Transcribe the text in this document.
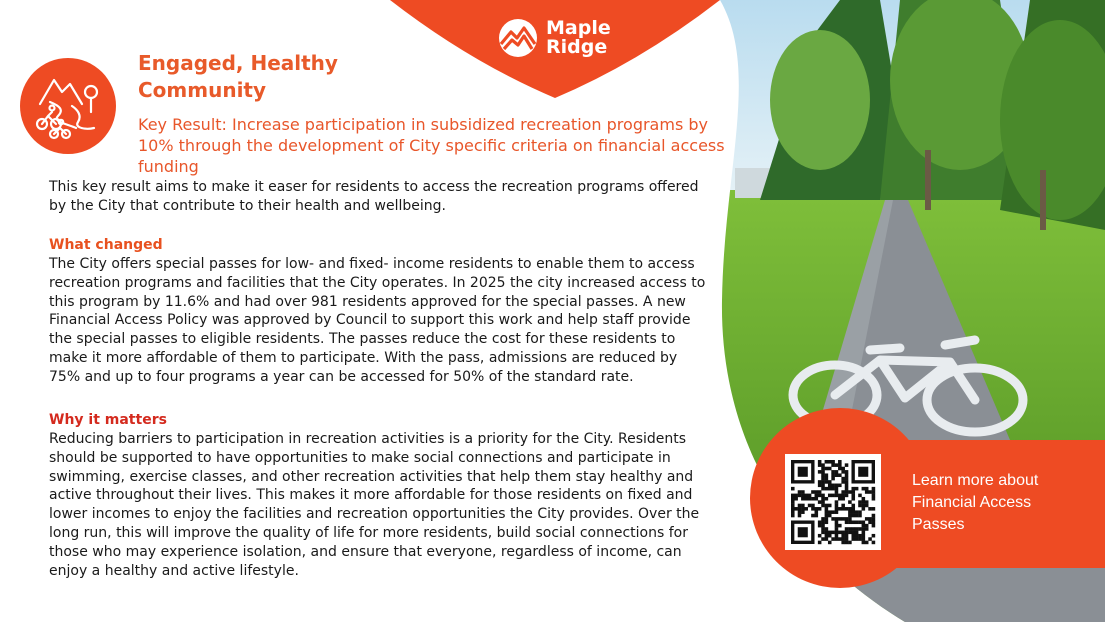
Maple
Ridge
Engaged, Healthy
Community
Key Result: Increase participation in subsidized recreation programs by 10% through the development of City specific criteria on financial access funding

This key result aims to make it easer for residents to access the recreation programs offered by the City that contribute to their health and wellbeing.

What changed

The City offers special passes for low- and fixed- income residents to enable them to access recreation programs and facilities that the City operates. In 2025 the city increased access to this program by 11.6% and had over 981 residents approved for the special passes. A new Financial Access Policy was approved by Council to support this work and help staff provide the special passes to eligible residents. The passes reduce the cost for these residents to make it more affordable of them to participate. With the pass, admissions are reduced by 75% and up to four programs a year can be accessed for 50% of the standard rate.

Why it matters

Reducing barriers to participation in recreation activities is a priority for the City. Residents should be supported to have opportunities to make social connections and participate in swimming, exercise classes, and other recreation activities that help them stay healthy and active throughout their lives. This makes it more affordable for those residents on fixed and lower incomes to enjoy the facilities and recreation opportunities the City provides. Over the long run, this will improve the quality of life for more residents, build social connections for those who may experience isolation, and ensure that everyone, regardless of income, can enjoy a healthy and active lifestyle.

Learn more about Financial Access Passes
